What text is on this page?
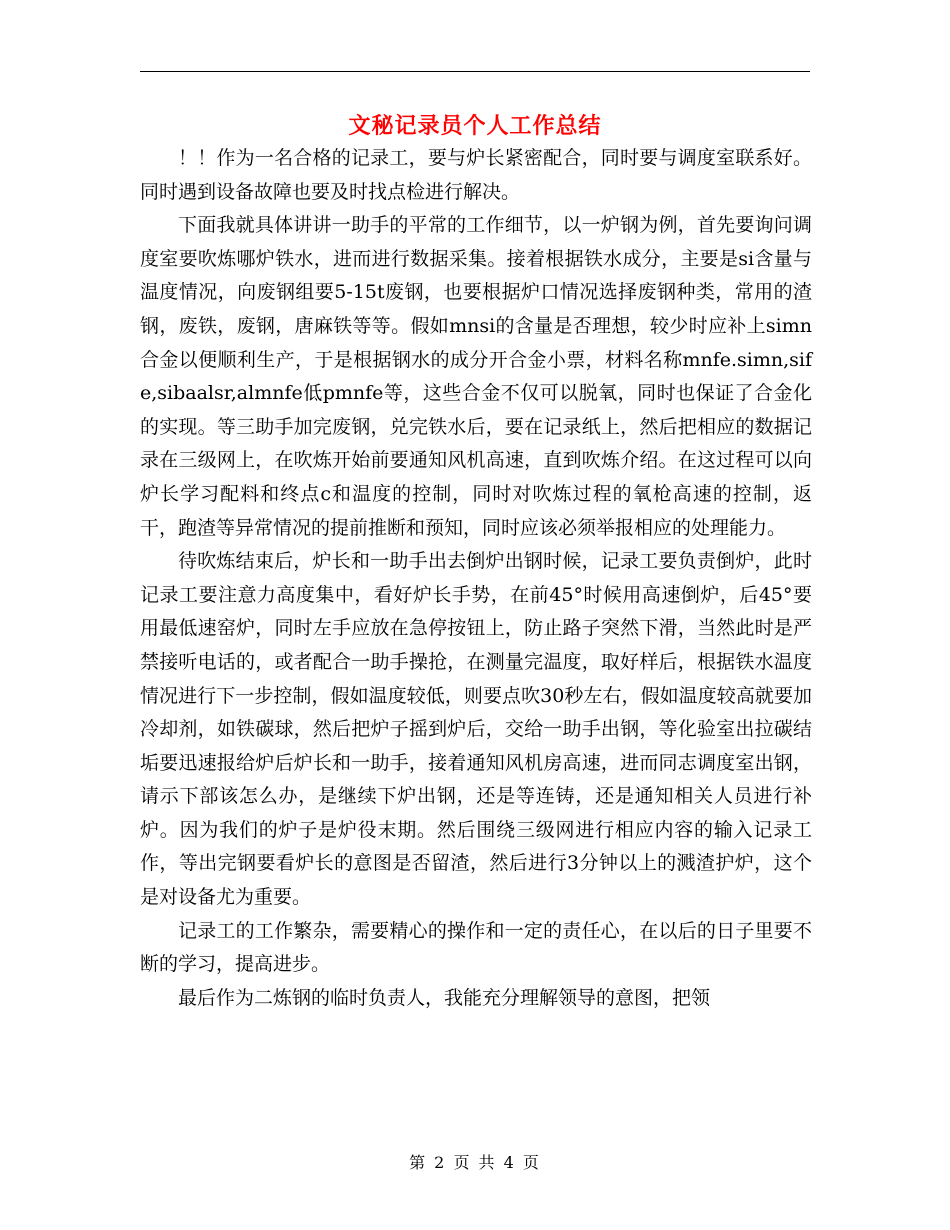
文秘记录员个人工作总结

！！作为一名合格的记录工，要与炉长紧密配合，同时要与调度室联系好。同时遇到设备故障也要及时找点检进行解决。

下面我就具体讲讲一助手的平常的工作细节，以一炉钢为例，首先要询问调度室要吹炼哪炉铁水，进而进行数据采集。接着根据铁水成分，主要是si含量与温度情况，向废钢组要5-15t废钢，也要根据炉口情况选择废钢种类，常用的渣钢，废铁，废钢，唐麻铁等等。假如mnsi的含量是否理想，较少时应补上simn合金以便顺利生产，于是根据钢水的成分开合金小票，材料名称mnfe.simn,sife,sibaalsr,almnfe低pmnfe等，这些合金不仅可以脱氧，同时也保证了合金化的实现。等三助手加完废钢，兑完铁水后，要在记录纸上，然后把相应的数据记录在三级网上，在吹炼开始前要通知风机高速，直到吹炼介绍。在这过程可以向炉长学习配料和终点c和温度的控制，同时对吹炼过程的氧枪高速的控制，返干，跑渣等异常情况的提前推断和预知，同时应该必须举报相应的处理能力。

待吹炼结束后，炉长和一助手出去倒炉出钢时候，记录工要负责倒炉，此时记录工要注意力高度集中，看好炉长手势，在前45°时候用高速倒炉，后45°要用最低速窑炉，同时左手应放在急停按钮上，防止路子突然下滑，当然此时是严禁接听电话的，或者配合一助手操抢，在测量完温度，取好样后，根据铁水温度情况进行下一步控制，假如温度较低，则要点吹30秒左右，假如温度较高就要加冷却剂，如铁碳球，然后把炉子摇到炉后，交给一助手出钢，等化验室出拉碳结垢要迅速报给炉后炉长和一助手，接着通知风机房高速，进而同志调度室出钢，请示下部该怎么办，是继续下炉出钢，还是等连铸，还是通知相关人员进行补炉。因为我们的炉子是炉役末期。然后围绕三级网进行相应内容的输入记录工作，等出完钢要看炉长的意图是否留渣，然后进行3分钟以上的溅渣护炉，这个是对设备尤为重要。

记录工的工作繁杂，需要精心的操作和一定的责任心，在以后的日子里要不断的学习，提高进步。

最后作为二炼钢的临时负责人，我能充分理解领导的意图，把领

第 2 页 共 4 页
